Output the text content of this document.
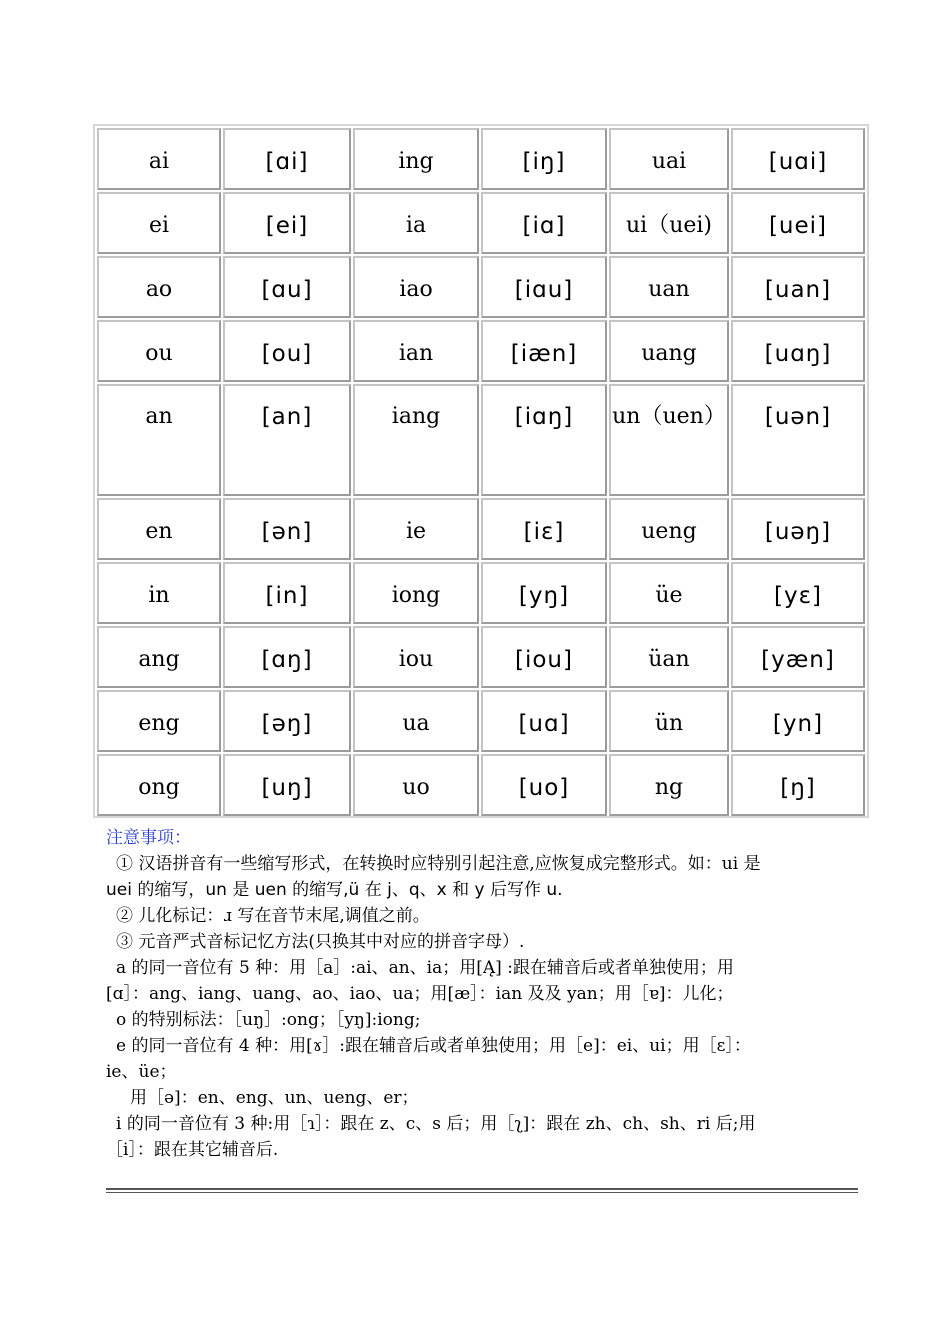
ai	[ɑi]	ing	[iŋ]	uai	[uɑi]
ei	[ei]	ia	[iɑ]	ui（uei)	[uei]
ao	[ɑu]	iao	[iɑu]	uan	[uan]
ou	[ou]	ian	[iæn]	uang	[uɑŋ]
an	[an]	iang	[iɑŋ]	un（uen）	[uən]
en	[ən]	ie	[iɛ]	ueng	[uəŋ]
in	[in]	iong	[yŋ]	üe	[yɛ]
ang	[ɑŋ]	iou	[iou]	üan	[yæn]
eng	[əŋ]	ua	[uɑ]	ün	[yn]
ong	[uŋ]	uo	[uo]	ng	[ŋ]
注意事项：
① 汉语拼音有一些缩写形式，在转换时应特别引起注意,应恢复成完整形式。如：ui 是
uei 的缩写，un 是 uen 的缩写,ü 在 j、q、x 和 y 后写作 u.
② 儿化标记：ɹ 写在音节末尾,调值之前。
③ 元音严式音标记忆方法(只换其中对应的拼音字母）.
a 的同一音位有 5 种：用［a］:ai、an、ia；用[Ą] :跟在辅音后或者单独使用；用
[ɑ］：ang、iang、uang、ao、iao、ua；用[æ］：ian 及及 yan；用［ɐ]：儿化；
o 的特别标法：［uŋ］:ong；［yŋ]:iong;
e 的同一音位有 4 种：用[ɤ］:跟在辅音后或者单独使用；用［e]：ei、ui；用［ɛ］：
ie、üe；
用［ə]：en、eng、un、ueng、er；
i 的同一音位有 3 种:用［ɿ］：跟在 z、c、s 后；用［ʅ]：跟在 zh、ch、sh、ri 后;用
［i］：跟在其它辅音后.
